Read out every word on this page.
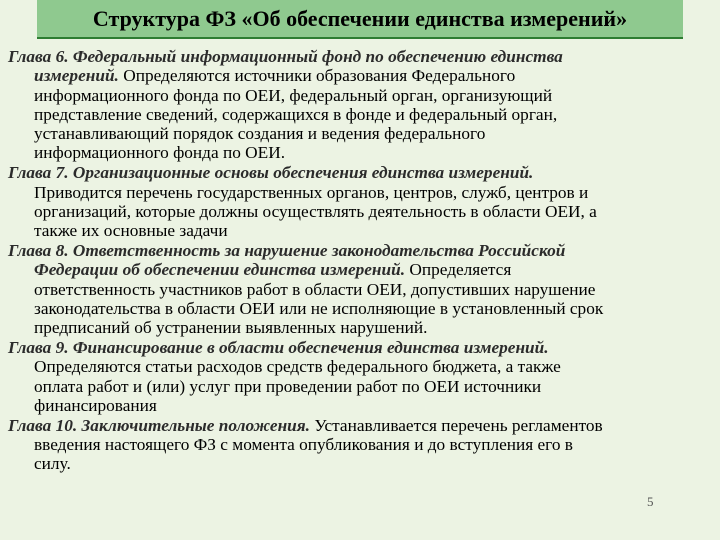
Структура ФЗ «Об обеспечении единства измерений»
Глава 6. Федеральный информационный фонд по обеспечению единства
измерений. Определяются источники образования Федерального
информационного фонда по ОЕИ, федеральный орган, организующий
представление сведений, содержащихся в фонде и федеральный орган,
устанавливающий порядок создания и ведения федерального
информационного фонда по ОЕИ.
Глава 7. Организационные основы обеспечения единства измерений.
Приводится перечень государственных органов, центров, служб, центров и
организаций, которые должны осуществлять деятельность в области ОЕИ, а
также их основные задачи
Глава 8. Ответственность за нарушение законодательства Российской
Федерации об обеспечении единства измерений. Определяется
ответственность участников работ в области ОЕИ, допустивших нарушение
законодательства в области ОЕИ или не исполняющие в установленный срок
предписаний об устранении выявленных нарушений.
Глава 9. Финансирование в области обеспечения единства измерений.
Определяются статьи расходов средств федерального бюджета, а также
оплата работ и (или) услуг при проведении работ по ОЕИ источники
финансирования
Глава 10. Заключительные положения. Устанавливается перечень регламентов
введения настоящего ФЗ с момента опубликования и до вступления его в
силу.
5
